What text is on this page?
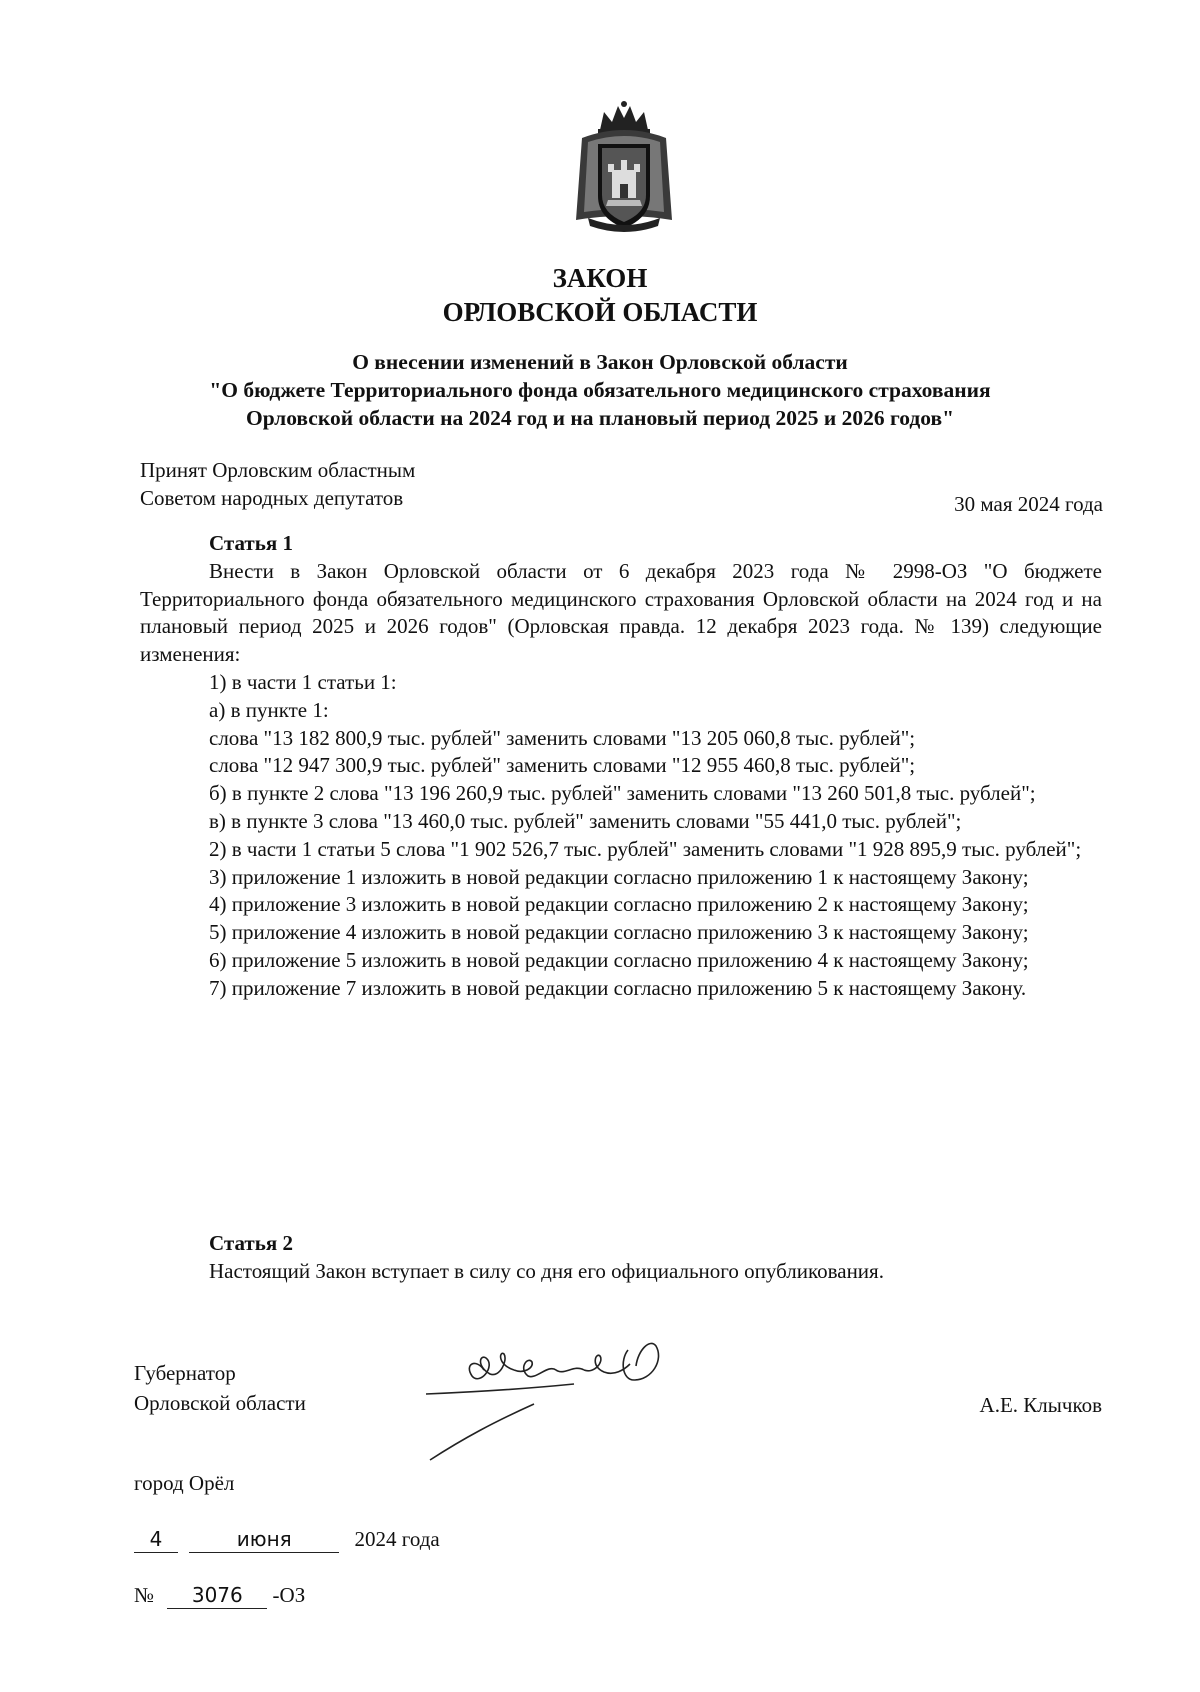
ЗАКОН
ОРЛОВСКОЙ ОБЛАСТИ
О внесении изменений в Закон Орловской области
"О бюджете Территориального фонда обязательного медицинского страхования
Орловской области на 2024 год и на плановый период 2025 и 2026 годов"
Принят Орловским областным
Советом народных депутатов	30 мая 2024 года
Статья 1
Внести в Закон Орловской области от 6 декабря 2023 года № 2998-ОЗ "О бюджете Территориального фонда обязательного медицинского страхования Орловской области на 2024 год и на плановый период 2025 и 2026 годов" (Орловская правда. 12 декабря 2023 года. № 139) следующие изменения:
1) в части 1 статьи 1:
а) в пункте 1:
слова "13 182 800,9 тыс. рублей" заменить словами "13 205 060,8 тыс. рублей";
слова "12 947 300,9 тыс. рублей" заменить словами "12 955 460,8 тыс. рублей";
б) в пункте 2 слова "13 196 260,9 тыс. рублей" заменить словами "13 260 501,8 тыс. рублей";
в) в пункте 3 слова "13 460,0 тыс. рублей" заменить словами "55 441,0 тыс. рублей";
2) в части 1 статьи 5 слова "1 902 526,7 тыс. рублей" заменить словами "1 928 895,9 тыс. рублей";
3) приложение 1 изложить в новой редакции согласно приложению 1 к настоящему Закону;
4) приложение 3 изложить в новой редакции согласно приложению 2 к настоящему Закону;
5) приложение 4 изложить в новой редакции согласно приложению 3 к настоящему Закону;
6) приложение 5 изложить в новой редакции согласно приложению 4 к настоящему Закону;
7) приложение 7 изложить в новой редакции согласно приложению 5 к настоящему Закону.
Статья 2
Настоящий Закон вступает в силу со дня его официального опубликования.
Губернатор
Орловской области	А.Е. Клычков
город Орёл
4	июня	2024 года
№ 3076 -ОЗ
